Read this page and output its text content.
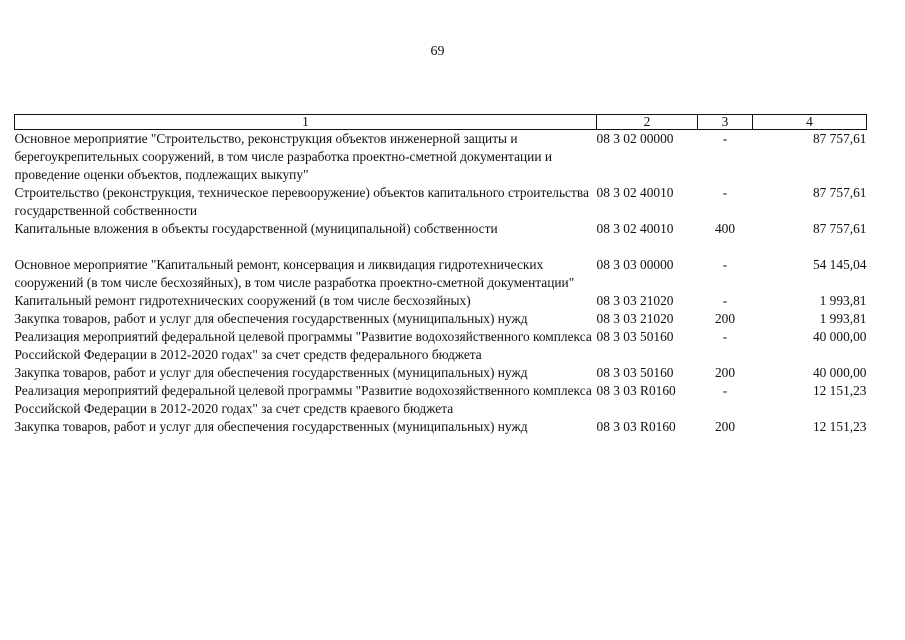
69
1	2	3	4
Основное мероприятие "Строительство, реконструкция объектов инженерной защиты и берегоукрепительных сооружений, в том числе разработка проектно-сметной документации и проведение оценки объектов, подлежащих выкупу"	08 3 02 00000	-	87 757,61
Строительство (реконструкция, техническое перевооружение) объектов капитального строительства государственной собственности	08 3 02 40010	-	87 757,61
Капитальные вложения в объекты государственной (муниципальной) собственности	08 3 02 40010	400	87 757,61

Основное мероприятие "Капитальный ремонт, консервация и ликвидация гидротехнических сооружений (в том числе бесхозяйных), в том числе разработка проектно-сметной документации"	08 3 03 00000	-	54 145,04
Капитальный ремонт гидротехнических сооружений (в том числе бесхозяйных)	08 3 03 21020	-	1 993,81
Закупка товаров, работ и услуг для обеспечения государственных (муниципальных) нужд	08 3 03 21020	200	1 993,81
Реализация мероприятий федеральной целевой программы "Развитие водохозяйственного комплекса Российской Федерации в 2012-2020 годах" за счет средств федерального бюджета	08 3 03 50160	-	40 000,00
Закупка товаров, работ и услуг для обеспечения государственных (муниципальных) нужд	08 3 03 50160	200	40 000,00
Реализация мероприятий федеральной целевой программы "Развитие водохозяйственного комплекса Российской Федерации в 2012-2020 годах" за счет средств краевого бюджета	08 3 03 R0160	-	12 151,23
Закупка товаров, работ и услуг для обеспечения государственных (муниципальных) нужд	08 3 03 R0160	200	12 151,23
